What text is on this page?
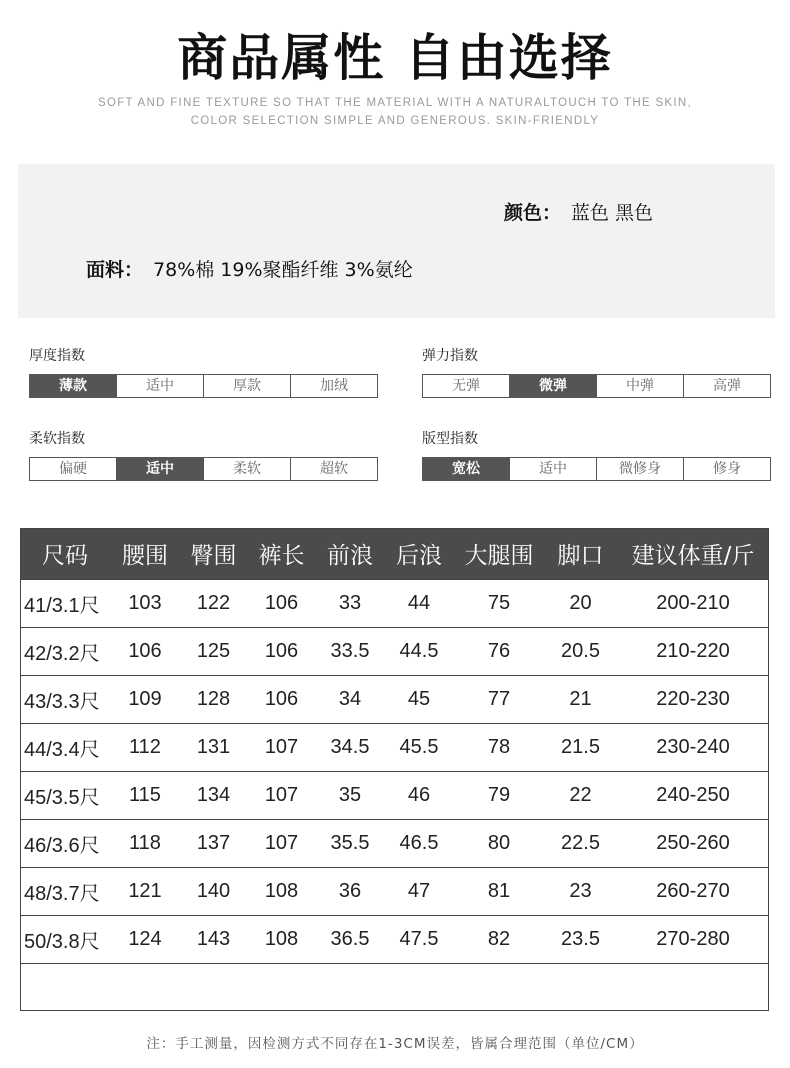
商品属性 自由选择
SOFT AND FINE TEXTURE SO THAT THE MATERIAL WITH A NATURALTOUCH TO THE SKIN,
COLOR SELECTION SIMPLE AND GENEROUS. SKIN-FRIENDLY
颜色： 蓝色 黑色
面料： 78%棉 19%聚酯纤维 3%氨纶
厚度指数
薄款	适中	厚款	加绒
弹力指数
无弹	微弹	中弹	高弹
柔软指数
偏硬	适中	柔软	超软
版型指数
宽松	适中	微修身	修身
尺码	腰围	臀围	裤长	前浪	后浪	大腿围	脚口	建议体重/斤
41/3.1尺	103	122	106	33	44	75	20	200-210
42/3.2尺	106	125	106	33.5	44.5	76	20.5	210-220
43/3.3尺	109	128	106	34	45	77	21	220-230
44/3.4尺	112	131	107	34.5	45.5	78	21.5	230-240
45/3.5尺	115	134	107	35	46	79	22	240-250
46/3.6尺	118	137	107	35.5	46.5	80	22.5	250-260
48/3.7尺	121	140	108	36	47	81	23	260-270
50/3.8尺	124	143	108	36.5	47.5	82	23.5	270-280

注：手工测量，因检测方式不同存在1-3CM误差，皆属合理范围（单位/CM）
